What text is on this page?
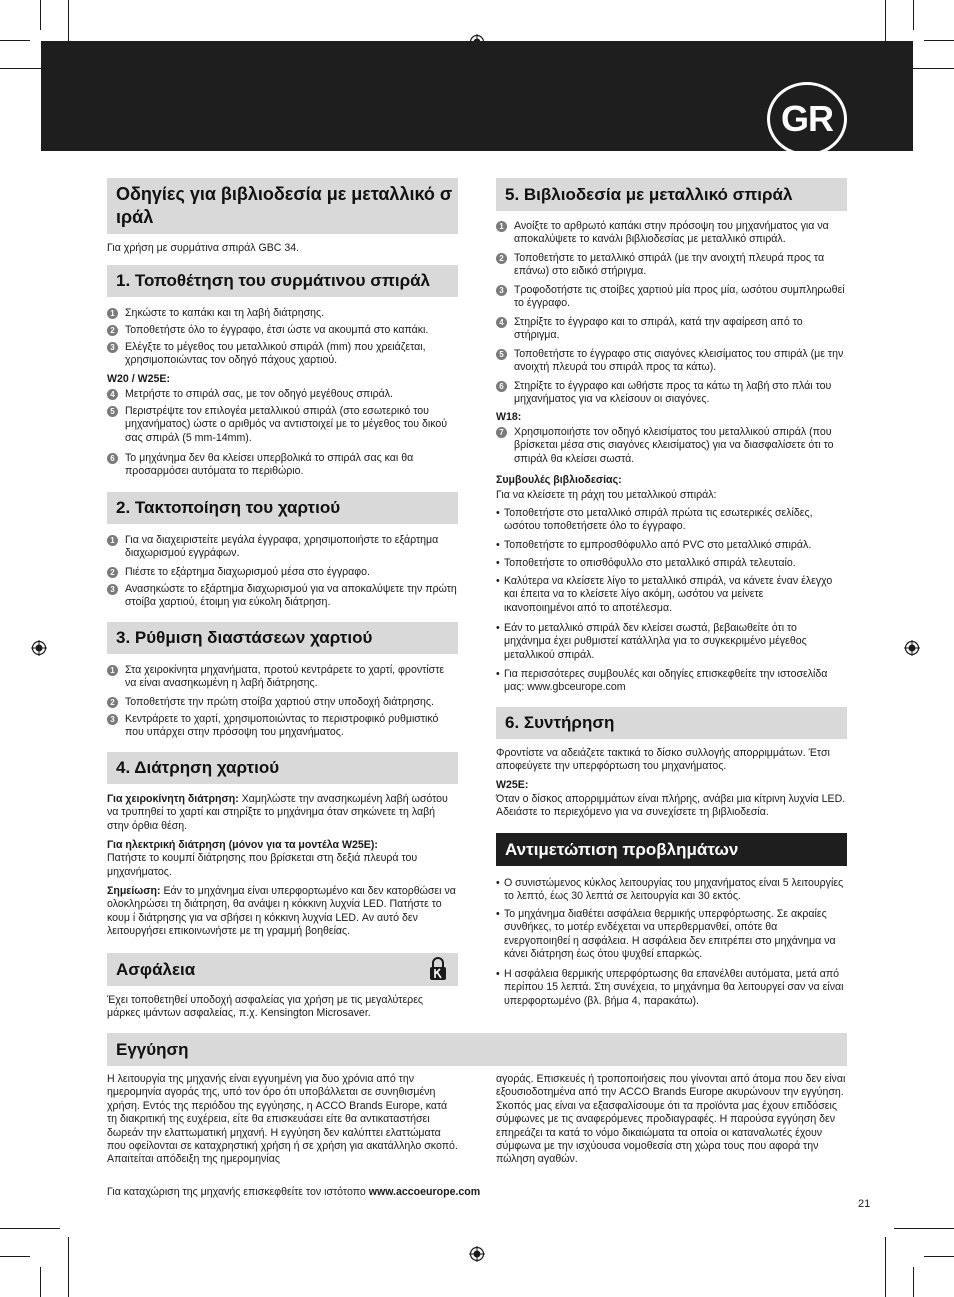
GR
Οδηγίες για βιβλιοδεσία με μεταλλικό σ ιράλ
Για χρήση με συρμάτινα σπιράλ GBC 34.
1. Τοποθέτηση του συρμάτινου σπιράλ
1 Σηκώστε το καπάκι και τη λαβή διάτρησης.
2 Τοποθετήστε όλο το έγγραφο, έτσι ώστε να ακουμπά στο καπάκι.
3 Ελέγξτε το μέγεθος του μεταλλικού σπιράλ (mm) που χρειάζεται, χρησιμοποιώντας τον οδηγό πάχους χαρτιού.
W20 / W25E:
4 Μετρήστε το σπιράλ σας, με τον οδηγό μεγέθους σπιράλ.
5 Περιστρέψτε τον επιλογέα μεταλλικού σπιράλ (στο εσωτερικό του μηχανήματος) ώστε ο αριθμός να αντιστοιχεί με το μέγεθος του δικού σας σπιράλ (5 mm-14mm).
6 Το μηχάνημα δεν θα κλείσει υπερβολικά το σπιράλ σας και θα προσαρμόσει αυτόματα το περιθώριο.
2. Τακτοποίηση του χαρτιού
1 Για να διαχειριστείτε μεγάλα έγγραφα, χρησιμοποιήστε το εξάρτημα διαχωρισμού εγγράφων.
2 Πιέστε το εξάρτημα διαχωρισμού μέσα στο έγγραφο.
3 Ανασηκώστε το εξάρτημα διαχωρισμού για να αποκαλύψετε την πρώτη στοίβα χαρτιού, έτοιμη για εύκολη διάτρηση.
3. Ρύθμιση διαστάσεων χαρτιού
1 Στα χειροκίνητα μηχανήματα, προτού κεντράρετε το χαρτί, φροντίστε να είναι ανασηκωμένη η λαβή διάτρησης.
2 Τοποθετήστε την πρώτη στοίβα χαρτιού στην υποδοχή διάτρησης.
3 Κεντράρετε το χαρτί, χρησιμοποιώντας το περιστροφικό ρυθμιστικό που υπάρχει στην πρόσοψη του μηχανήματος.
4. Διάτρηση χαρτιού
Για χειροκίνητη διάτρηση: Χαμηλώστε την ανασηκωμένη λαβή ωσότου να τρυπηθεί το χαρτί και στηρίξτε το μηχάνημα όταν σηκώνετε τη λαβή στην όρθια θέση.
Για ηλεκτρική διάτρηση (μόνον για τα μοντέλα W25E):
Πατήστε το κουμπί διάτρησης που βρίσκεται στη δεξιά πλευρά του μηχανήματος.
Σημείωση: Εάν το μηχάνημα είναι υπερφορτωμένο και δεν κατορθώσει να ολοκληρώσει τη διάτρηση, θα ανάψει η κόκκινη λυχνία LED. Πατήστε το κουμ ί διάτρησης για να σβήσει η κόκκινη λυχνία LED. Αν αυτό δεν λειτουργήσει επικοινωνήστε με τη γραμμή βοηθείας.
Ασφάλεια
Έχει τοποθετηθεί υποδοχή ασφαλείας για χρήση με τις μεγαλύτερες μάρκες ιμάντων ασφαλείας, π.χ. Kensington Microsaver.
5. Βιβλιοδεσία με μεταλλικό σπιράλ
1 Ανοίξτε το αρθρωτό καπάκι στην πρόσοψη του μηχανήματος για να αποκαλύψετε το κανάλι βιβλιοδεσίας με μεταλλικό σπιράλ.
2 Τοποθετήστε το μεταλλικό σπιράλ (με την ανοιχτή πλευρά προς τα επάνω) στο ειδικό στήριγμα.
3 Τροφοδοτήστε τις στοίβες χαρτιού μία προς μία, ωσότου συμπληρωθεί το έγγραφο.
4 Στηρίξτε το έγγραφο και το σπιράλ, κατά την αφαίρεση από το στήριγμα.
5 Τοποθετήστε το έγγραφο στις σιαγόνες κλεισίματος του σπιράλ (με την ανοιχτή πλευρά του σπιράλ προς τα κάτω).
6 Στηρίξτε το έγγραφο και ωθήστε προς τα κάτω τη λαβή στο πλάι του μηχανήματος για να κλείσουν οι σιαγόνες.
W18:
7 Χρησιμοποιήστε τον οδηγό κλεισίματος του μεταλλικού σπιράλ (που βρίσκεται μέσα στις σιαγόνες κλεισίματος) για να διασφαλίσετε ότι το σπιράλ θα κλείσει σωστά.
Συμβουλές βιβλιοδεσίας:
Για να κλείσετε τη ράχη του μεταλλικού σπιράλ:
• Τοποθετήστε στο μεταλλικό σπιράλ πρώτα τις εσωτερικές σελίδες, ωσότου τοποθετήσετε όλο το έγγραφο.
• Τοποθετήστε το εμπροσθόφυλλο από PVC στο μεταλλικό σπιράλ.
• Τοποθετήστε το οπισθόφυλλο στο μεταλλικό σπιράλ τελευταίο.
• Καλύτερα να κλείσετε λίγο το μεταλλικό σπιράλ, να κάνετε έναν έλεγχο και έπειτα να το κλείσετε λίγο ακόμη, ωσότου να μείνετε ικανοποιημένοι από το αποτέλεσμα.
• Εάν το μεταλλικό σπιράλ δεν κλείσει σωστά, βεβαιωθείτε ότι το μηχάνημα έχει ρυθμιστεί κατάλληλα για το συγκεκριμένο μέγεθος μεταλλικού σπιράλ.
• Για περισσότερες συμβουλές και οδηγίες επισκεφθείτε την ιστοσελίδα μας: www.gbceurope.com
6. Συντήρηση
Φροντίστε να αδειάζετε τακτικά το δίσκο συλλογής απορριμμάτων. Έτσι αποφεύγετε την υπερφόρτωση του μηχανήματος.
W25E:
Όταν ο δίσκος απορριμμάτων είναι πλήρης, ανάβει μια κίτρινη λυχνία LED. Αδειάστε το περιεχόμενο για να συνεχίσετε τη βιβλιοδεσία.
Αντιμετώπιση προβλημάτων
• Ο συνιστώμενος κύκλος λειτουργίας του μηχανήματος είναι 5 λειτουργίες το λεπτό, έως 30 λεπτά σε λειτουργία και 30 εκτός.
• Το μηχάνημα διαθέτει ασφάλεια θερμικής υπερφόρτωσης. Σε ακραίες συνθήκες, το μοτέρ ενδέχεται να υπερθερμανθεί, οπότε θα ενεργοποιηθεί η ασφάλεια. Η ασφάλεια δεν επιτρέπει στο μηχάνημα να κάνει διάτρηση έως ότου ψυχθεί επαρκώς.
• Η ασφάλεια θερμικής υπερφόρτωσης θα επανέλθει αυτόματα, μετά από περίπου 15 λεπτά. Στη συνέχεια, το μηχάνημα θα λειτουργεί σαν να είναι υπερφορτωμένο (βλ. βήμα 4, παρακάτω).
Εγγύηση
Η λειτουργία της μηχανής είναι εγγυημένη για δυο χρόνια από την ημερομηνία αγοράς της, υπό τον όρο ότι υποβάλλεται σε συνηθισμένη χρήση. Εντός της περιόδου της εγγύησης, η ACCO Brands Europe, κατά τη διακριτική της ευχέρεια, είτε θα επισκευάσει είτε θα αντικαταστήσει δωρεάν την ελαττωματική μηχανή. Η εγγύηση δεν καλύπτει ελαττώματα που οφείλονται σε καταχρηστική χρήση ή σε χρήση για ακατάλληλο σκοπό. Απαιτείται απόδειξη της ημερομηνίας
αγοράς. Επισκευές ή τροποποιήσεις που γίνονται από άτομα που δεν είναι εξουσιοδοτημένα από την ACCO Brands Europe ακυρώνουν την εγγύηση. Σκοπός μας είναι να εξασφαλίσουμε ότι τα προϊόντα μας έχουν επιδόσεις σύμφωνες με τις αναφερόμενες προδιαγραφές. Η παρούσα εγγύηση δεν επηρεάζει τα κατά το νόμο δικαιώματα τα οποία οι καταναλωτές έχουν σύμφωνα με την ισχύουσα νομοθεσία στη χώρα τους που αφορά την πώληση αγαθών.
Για καταχώριση της μηχανής επισκεφθείτε τον ιστότοπο www.accoeurope.com
21
